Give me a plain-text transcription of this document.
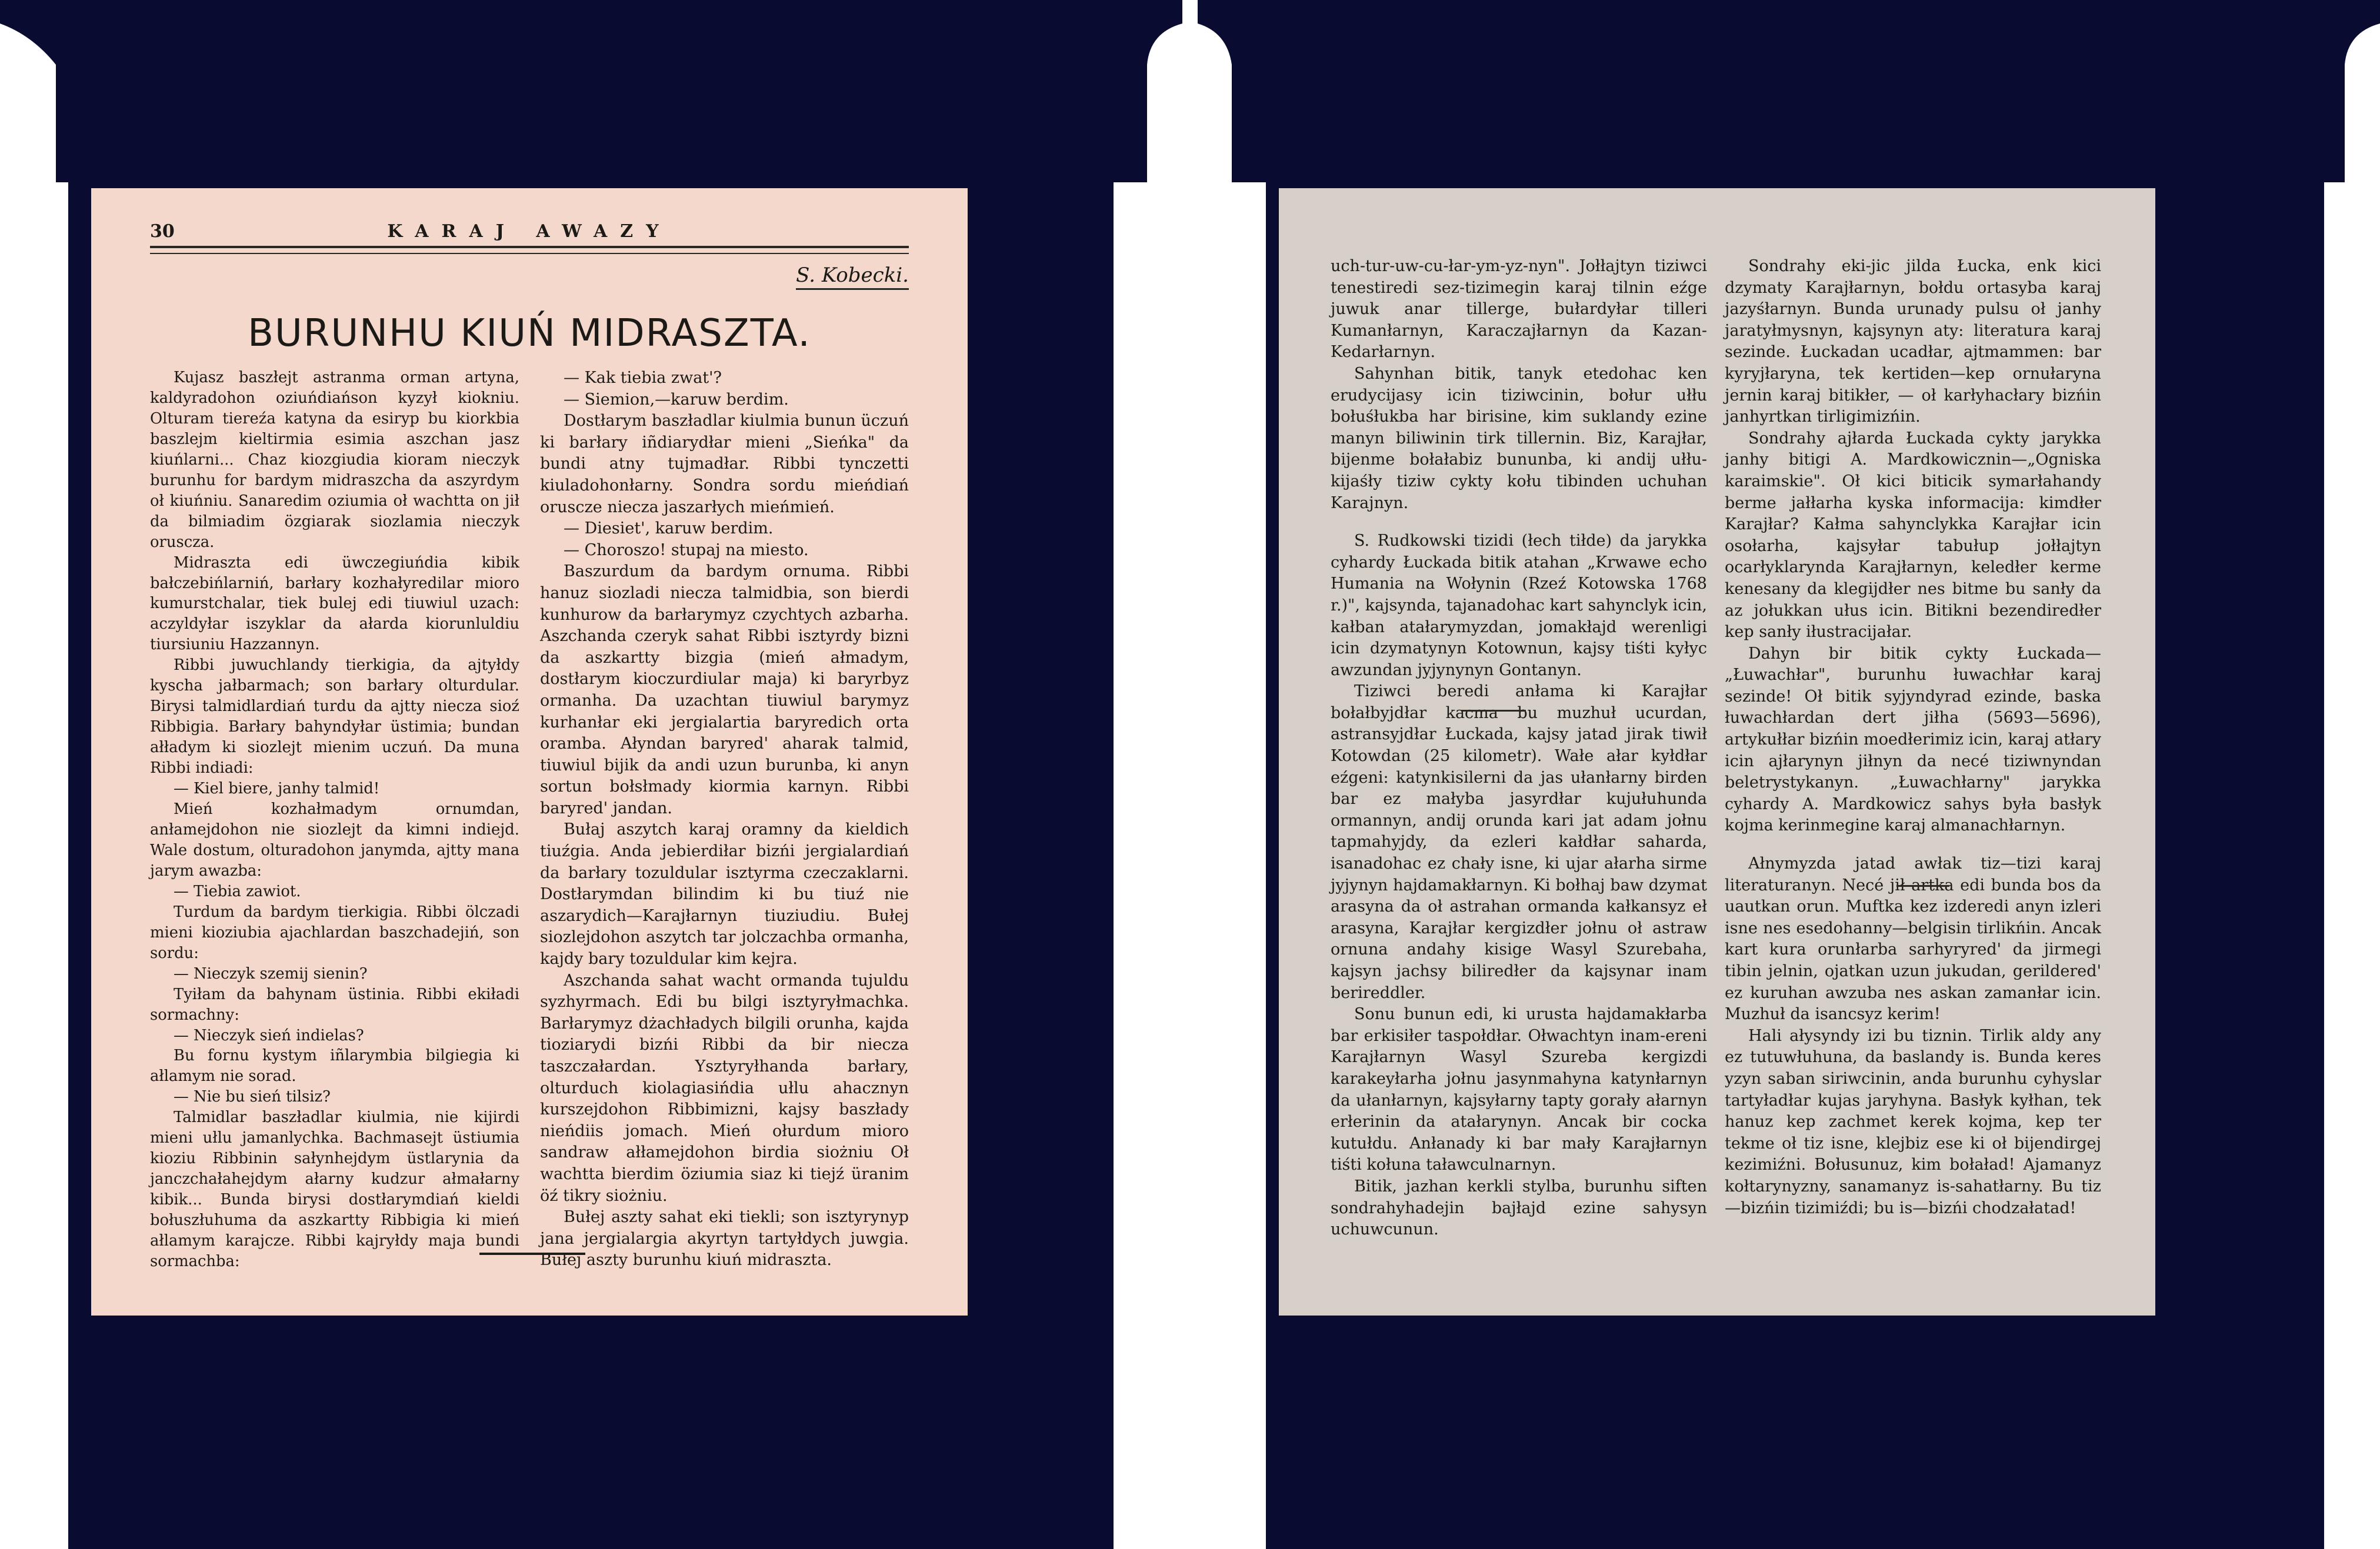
30	KARAJ AWAZY
S. Kobecki.
BURUNHU KIUŃ MIDRASZTA.

Kujasz baszłejt astranma orman artyna, kaldyradohon oziuńdiańson kyzył kiokniu. Olturam tiereźa katyna da esiryp bu kiorkbia baszlejm kieltirmia esimia aszchan jasz kiuńlarni... Chaz kiozgiudia kioram nieczyk burunhu for bardym midraszcha da aszyrdym oł kiuńniu. Sanaredim oziumia oł wachtta on jił da bilmiadim özgiarak siozlamia nieczyk oruscza.

Midraszta edi üwczegiuńdia kibik bałczebińlarniń, barłary kozhałyredilar mioro kumurstchalar, tiek bulej edi tiuwiul uzach: aczyldyłar iszyklar da ałarda kiorunluldiu tiursiuniu Hazzannyn.

Ribbi juwuchlandy tierkigia, da ajtyłdy kyscha jałbarmach; son barłary olturdular. Birysi talmidlardiań turdu da ajtty niecza sioź Ribbigia. Barłary bahyndyłar üstimia; bundan ałładym ki siozlejt mienim uczuń. Da muna Ribbi indiadi:

— Kiel biere, janhy talmid!

Mień kozhałmadym ornumdan, anłamejdohon nie siozlejt da kimni indiejd. Wale dostum, olturadohon janymda, ajtty mana jarym awazba:

— Tiebia zawiot.

Turdum da bardym tierkigia. Ribbi ölczadi mieni kioziubia ajachlardan baszchadejiń, son sordu:

— Nieczyk szemij sienin?

Tyiłam da bahynam üstinia. Ribbi ekiładi sormachny:

— Nieczyk sień indielas?

Bu fornu kystym iñlarymbia bilgiegia ki ałlamym nie sorad.

— Nie bu sień tilsiz?

Talmidlar baszładlar kiulmia, nie kijirdi mieni ułlu jamanlychka. Bachmasejt üstiumia kioziu Ribbinin sałynhejdym üstlarynia da janczchałahejdym ałarny kudzur ałmałarny kibik... Bunda birysi dostłarymdiań kieldi bołuszłuhuma da aszkartty Ribbigia ki mień ałlamym karajcze. Ribbi kajryłdy maja bundi sormachba:

— Kak tiebia zwat'?

— Siemion,—karuw berdim.

Dostłarym baszładlar kiulmia bunun üczuń ki barłary iñdiarydłar mieni „Sieńka" da bundi atny tujmadłar. Ribbi tynczetti kiuladohonłarny. Sondra sordu mieńdiań oruscze niecza jaszarłych mieńmień.

— Diesiet', karuw berdim.

— Choroszo! stupaj na miesto.

Baszurdum da bardym ornuma. Ribbi hanuz siozladi niecza talmidbia, son bierdi kunhurow da barłarymyz czychtych azbarha. Aszchanda czeryk sahat Ribbi isztyrdy bizni da aszkartty bizgia (mień ałmadym, dostłarym kioczurdiular maja) ki baryrbyz ormanha. Da uzachtan tiuwiul barymyz kurhanłar eki jergialartia baryredich orta oramba. Ałyndan baryred' aharak talmid, tiuwiul bijik da andi uzun burunba, ki anyn sortun bołsłmady kiormia karnyn. Ribbi baryred' jandan.

Bułaj aszytch karaj oramny da kieldich tiuźgia. Anda jebierdiłar bizńi jergialardiań da barłary tozuldular isztyrma czeczaklarni. Dostłarymdan bilindim ki bu tiuź nie aszarydich—Karajłarnyn tiuziudiu. Bułej siozlejdohon aszytch tar jolczachba ormanha, kajdy bary tozuldular kim kejra.

Aszchanda sahat wacht ormanda tujuldu syzhyrmach. Edi bu bilgi isztyryłmachka. Barłarymyz dżachładych bilgili orunha, kajda tioziarydi bizńi Ribbi da bir niecza taszczałardan. Ysztyryłhanda barłary, olturduch kiolagiasińdia ułlu ahacznyn kurszejdohon Ribbimizni, kajsy baszłady nieńdiis jomach. Mień ołurdum mioro sandraw ałłamejdohon birdia siożniu Oł wachtta bierdim öziumia siaz ki tiejź üranim öź tikry siożniu.

Bułej aszty sahat eki tiekli; son isztyrynyp jana jergialargia akyrtyn tartyłdych juwgia. Bułej aszty burunhu kiuń midraszta.

uch-tur-uw-cu-łar-ym-yz-nyn". Jołłajtyn tiziwci tenestiredi sez-tizimegin karaj tilnin eźge juwuk anar tillerge, bułardyłar tilleri Kumanłarnyn, Karaczajłarnyn da Kazan-Kedarłarnyn.

Sahynhan bitik, tanyk etedohac ken erudycijasy icin tiziwcinin, bołur ułłu bołuśłukba har birisine, kim suklandy ezine manyn biliwinin tirk tillernin. Biz, Karajłar, bijenme bołałabiz bununba, ki andij ułłu-kijaśły tiziw cykty kołu tibinden uchuhan Karajnyn.

S. Rudkowski tizidi (łech tiłde) da jarykka cyhardy Łuckada bitik atahan „Krwawe echo Humania na Wołynin (Rzeź Kotowska 1768 r.)", kajsynda, tajanadohac kart sahynclyk icin, kałban atałarymyzdan, jomakłajd werenligi icin dzymatynyn Kotownun, kajsy tiśti kyłyc awzundan jyjynynyn Gontanyn.

Tiziwci beredi anłama ki Karajłar bołałbyjdłar kacma bu muzhuł ucurdan, astransyjdłar Łuckada, kajsy jatad jirak tiwił Kotowdan (25 kilometr). Wałe ałar kyłdłar eźgeni: katynkisilerni da jas ułanłarny birden bar ez małyba jasyrdłar kujułuhunda ormannyn, andij orunda kari jat adam jołnu tapmahyjdy, da ezleri kałdłar saharda, isanadohac ez chały isne, ki ujar ałarha sirme jyjynyn hajdamakłarnyn. Ki bołhaj baw dzymat arasyna da oł astrahan ormanda kałkansyz eł arasyna, Karajłar kergizdłer jołnu oł astraw ornuna andahy kisige Wasyl Szurebaha, kajsyn jachsy biliredłer da kajsynar inam berireddler.

Sonu bunun edi, ki urusta hajdamakłarba bar erkisiłer taspołdłar. Ołwachtyn inam-ereni Karajłarnyn Wasyl Szureba kergizdi karakeyłarha jołnu jasynmahyna katynłarnyn da ułanłarnyn, kajsyłarny tapty gorały ałarnyn erłerinin da atałarynyn. Ancak bir cocka kutułdu. Anłanady ki bar mały Karajłarnyn tiśti kołuna taławculnarnyn.

Bitik, jazhan kerkli stylba, burunhu siften sondrahyhadejin bajłajd ezine sahysyn uchuwcunun.

Sondrahy eki-jic jilda Łucka, enk kici dzymaty Karajłarnyn, bołdu ortasyba karaj jazyśłarnyn. Bunda urunady pulsu oł janhy jaratyłmysnyn, kajsynyn aty: literatura karaj sezinde. Łuckadan ucadłar, ajtmammen: bar kyryjłaryna, tek kertiden—kep ornułaryna jernin karaj bitikłer, — oł karłyhacłary bizńin janhyrtkan tirligimizńin.

Sondrahy ajłarda Łuckada cykty jarykka janhy bitigi A. Mardkowicznin—„Ogniska karaimskie". Oł kici biticik symarłahandy berme jałłarha kyska informacija: kimdłer Karajłar? Kałma sahynclykka Karajłar icin osołarha, kajsyłar tabułup jołłajtyn ocarłyklarynda Karajłarnyn, keledłer kerme kenesany da klegijdłer nes bitme bu sanły da az jołukkan ułus icin. Bitikni bezendiredłer kep sanły iłustracijałar.

Dahyn bir bitik cykty Łuckada—„Łuwachłar", burunhu łuwachłar karaj sezinde! Oł bitik syjyndyrad ezinde, baska łuwachłardan dert jiłha (5693—5696), artykułłar bizńin moedłerimiz icin, karaj atłary icin ajłarynyn jiłnyn da necé tiziwnyndan beletrystykanyn. „Łuwachłarny" jarykka cyhardy A. Mardkowicz sahys była basłyk kojma kerinmegine karaj almanachłarnyn.

Ałnymyzda jatad awłak tiz—tizi karaj literaturanyn. Necé jił artka edi bunda bos da uautkan orun. Muftka kez izderedi anyn izleri isne nes esedohanny—belgisin tirlikńin. Ancak kart kura orunłarba sarhyryred' da jirmegi tibin jelnin, ojatkan uzun jukudan, gerildered' ez kuruhan awzuba nes askan zamanłar icin. Muzhuł da isancsyz kerim!

Hali ałysyndy izi bu tiznin. Tirlik aldy any ez tutuwłuhuna, da baslandy is. Bunda keres yzyn saban siriwcinin, anda burunhu cyhyslar tartyładłar kujas jaryhyna. Basłyk kyłhan, tek hanuz kep zachmet kerek kojma, kep ter tekme oł tiz isne, klejbiz ese ki oł bijendirgej kezimiźni. Bołusunuz, kim bołaład! Ajamanyz kołtarynyzny, sanamanyz is-sahatłarny. Bu tiz—bizńin tizimiźdi; bu is—bizńi chodzałatad!
